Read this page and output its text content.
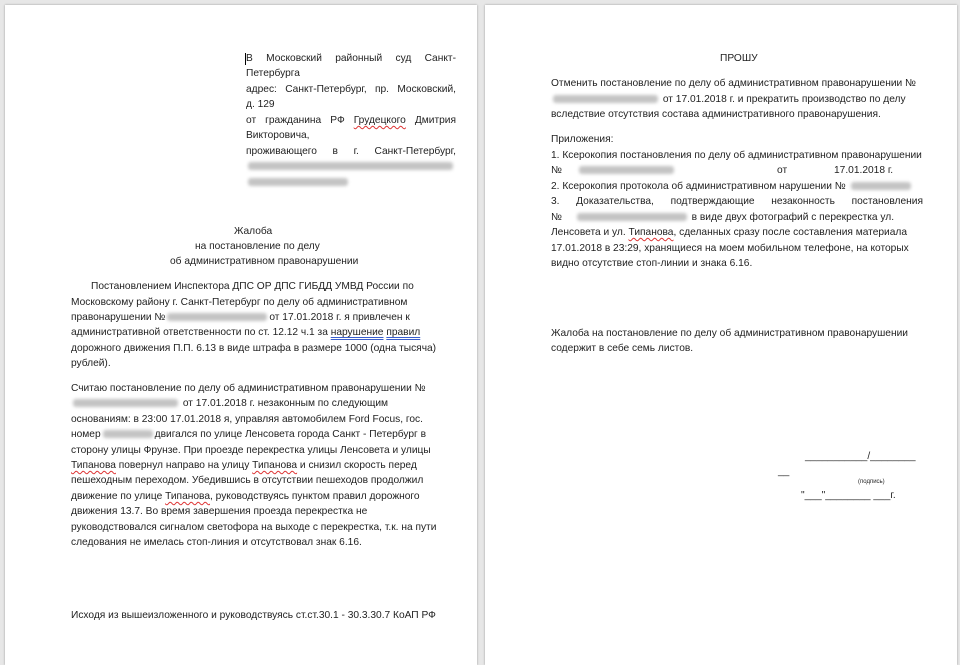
В Московский районный суд Санкт-
Петербурга
адрес: Санкт-Петербург, пр. Московский,
д. 129
от гражданина РФ Грудецкого Дмитрия
Викторовича,
проживающего в г. Санкт-Петербург,
Жалоба
на постановление по делу
об административном правонарушении
Постановлением Инспектора ДПС ОР ДПС ГИБДД УМВД России по
Московскому району г. Санкт-Петербург по делу об административном
правонарушении №	от 17.01.2018 г. я привлечен к
административной ответственности по ст. 12.12 ч.1 за нарушение правил
дорожного движения П.П. 6.13 в виде штрафа в размере 1000 (одна тысяча)
рублей).
Считаю постановление по делу об административном правонарушении №
от 17.01.2018 г. незаконным по следующим
основаниям: в 23:00 17.01.2018 я, управляя автомобилем Ford Focus, гос.
номер	двигался по улице Ленсовета города Санкт - Петербург в
сторону улицы Фрунзе. При проезде перекрестка улицы Ленсовета и улицы
Типанова повернул направо на улицу Типанова и снизил скорость перед
пешеходным переходом. Убедившись в отсутствии пешеходов продолжил
движение по улице Типанова, руководствуясь пунктом правил дорожного
движения 13.7. Во время завершения проезда перекрестка не
руководствовался сигналом светофора на выходе с перекрестка, т.к. на пути
следования не имелась стоп-линия и отсутствовал знак 6.16.
Исходя из вышеизложенного и руководствуясь ст.ст.30.1 - 30.3.30.7 КоАП РФ
ПРОШУ
Отменить постановление по делу об административном правонарушении №
от 17.01.2018 г. и прекратить производство по делу
вследствие отсутствия состава административного правонарушения.
Приложения:
1. Ксерокопия постановления по делу об административном правонарушении
№	от	17.01.2018 г.
2. Ксерокопия протокола об административном нарушении №
3. Доказательства, подтверждающие незаконность постановления
№	в виде двух фотографий с перекрестка ул.
Ленсовета и ул. Типанова, сделанных сразу после составления материала
17.01.2018 в 23:29, хранящиеся на моем мобильном телефоне, на которых
видно отсутствие стоп-линии и знака 6.16.
Жалоба на постановление по делу об административном правонарушении
содержит в себе семь листов.
__
___________/________
(подпись)
"___"________ ___г.
